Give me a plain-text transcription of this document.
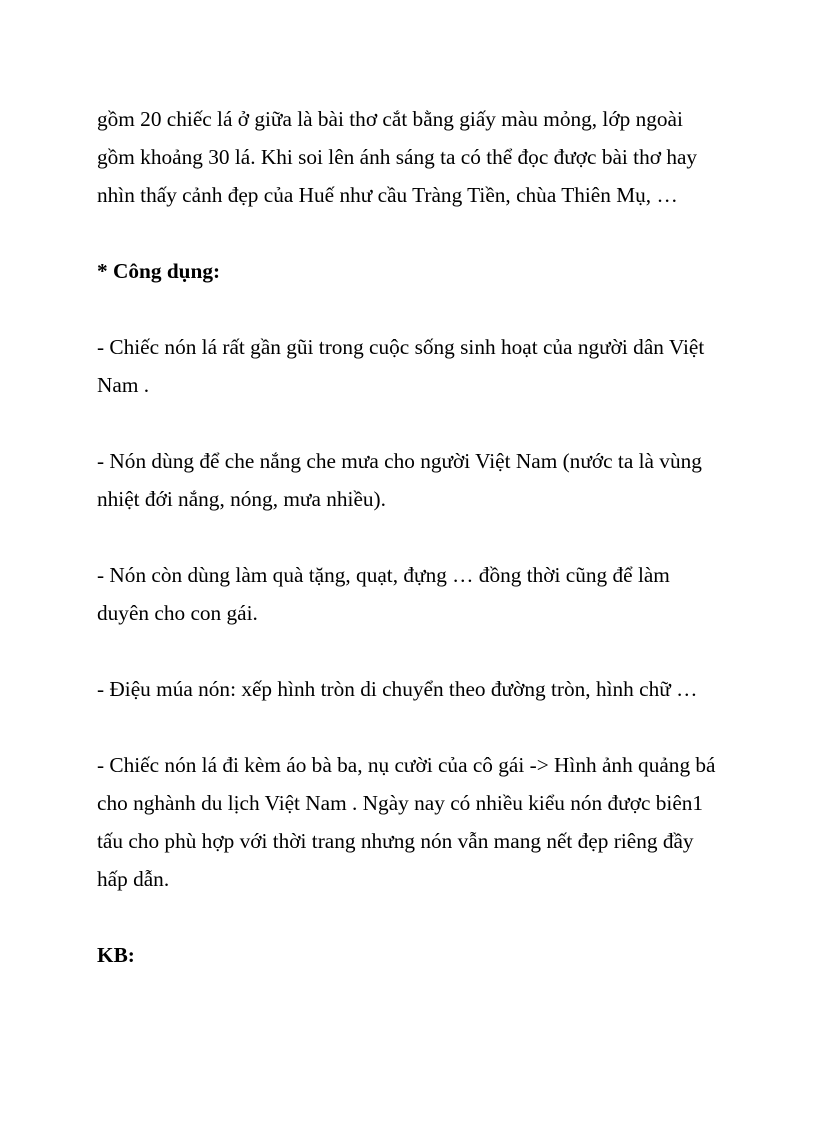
gồm 20 chiếc lá ở giữa là bài thơ cắt bằng giấy màu mỏng, lớp ngoài
gồm khoảng 30 lá. Khi soi lên ánh sáng ta có thể đọc được bài thơ hay
nhìn thấy cảnh đẹp của Huế như cầu Tràng Tiền, chùa Thiên Mụ, …

* Công dụng:

- Chiếc nón lá rất gần gũi trong cuộc sống sinh hoạt của người dân Việt
Nam .

- Nón dùng để che nắng che mưa cho người Việt Nam (nước ta là vùng
nhiệt đới nắng, nóng, mưa nhiều).

- Nón còn dùng làm quà tặng, quạt, đựng … đồng thời cũng để làm
duyên cho con gái.

- Điệu múa nón: xếp hình tròn di chuyển theo đường tròn, hình chữ …

- Chiếc nón lá đi kèm áo bà ba, nụ cười của cô gái -> Hình ảnh quảng bá
cho nghành du lịch Việt Nam . Ngày nay có nhiều kiểu nón được biên1
tấu cho phù hợp với thời trang nhưng nón vẫn mang nết đẹp riêng đầy
hấp dẫn.

KB:
